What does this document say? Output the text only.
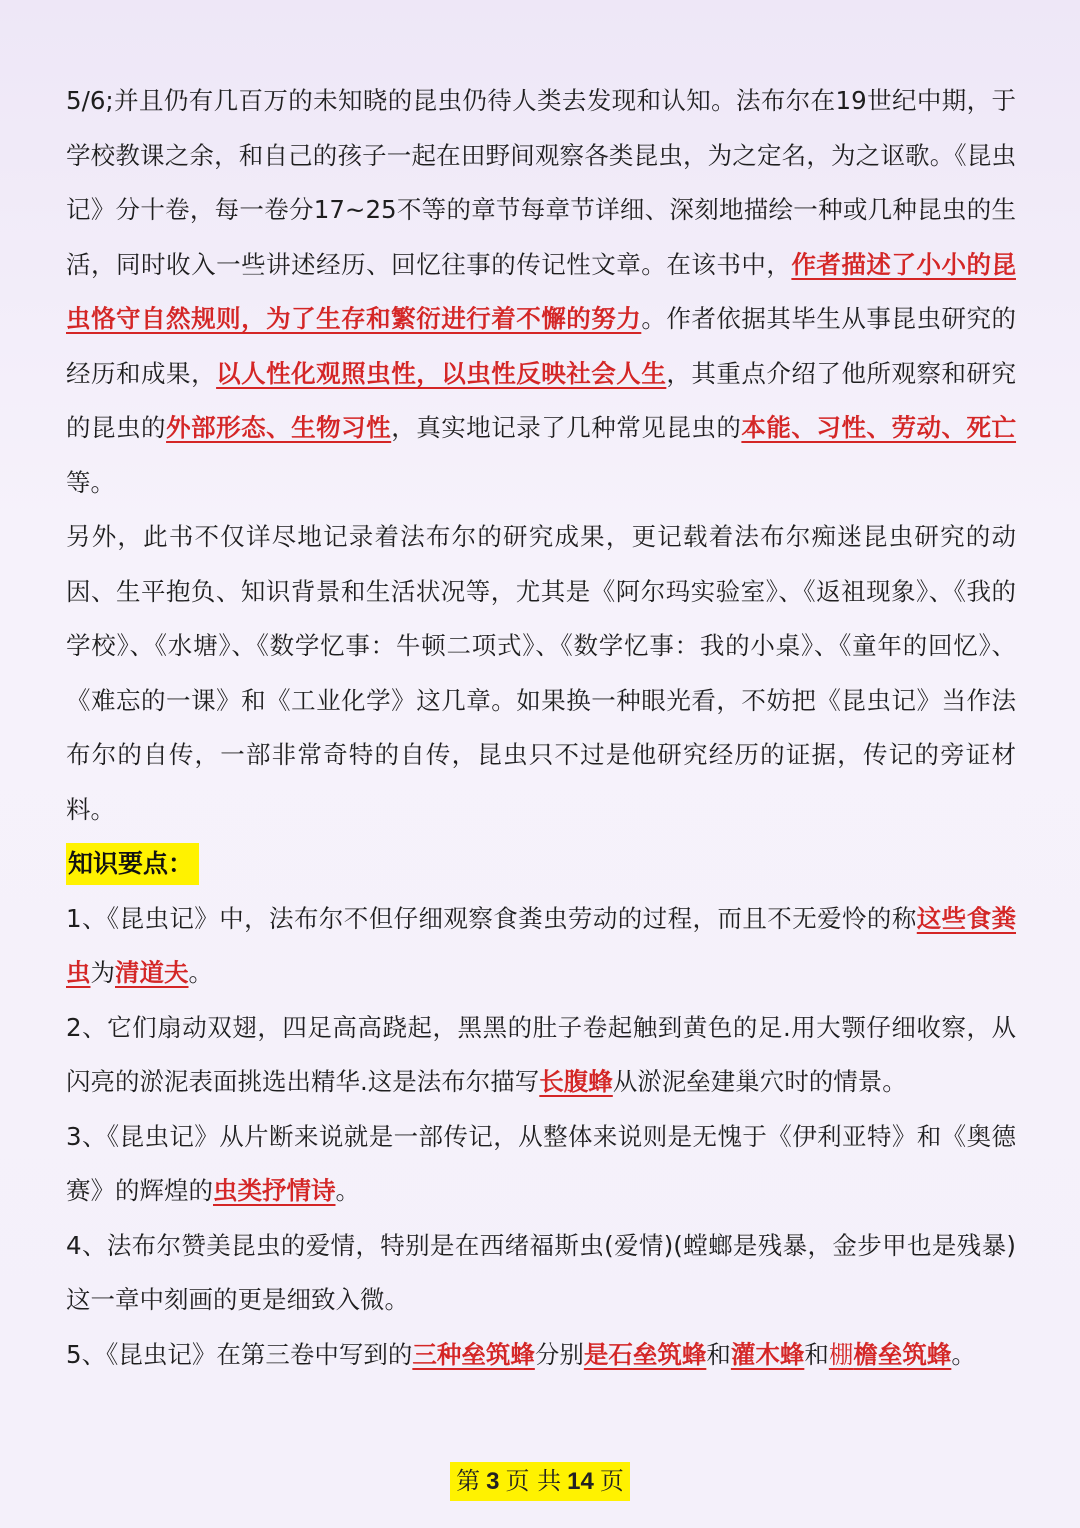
5/6;并且仍有几百万的未知晓的昆虫仍待人类去发现和认知。法布尔在19世纪中期，于学校教课之余，和自己的孩子一起在田野间观察各类昆虫，为之定名，为之讴歌。《昆虫记》分十卷，每一卷分17~25不等的章节每章节详细、深刻地描绘一种或几种昆虫的生活，同时收入一些讲述经历、回忆往事的传记性文章。在该书中，作者描述了小小的昆虫恪守自然规则，为了生存和繁衍进行着不懈的努力。作者依据其毕生从事昆虫研究的经历和成果，以人性化观照虫性，以虫性反映社会人生，其重点介绍了他所观察和研究的昆虫的外部形态、生物习性，真实地记录了几种常见昆虫的本能、习性、劳动、死亡等。

另外，此书不仅详尽地记录着法布尔的研究成果，更记载着法布尔痴迷昆虫研究的动因、生平抱负、知识背景和生活状况等，尤其是《阿尔玛实验室》、《返祖现象》、《我的学校》、《水塘》、《数学忆事：牛顿二项式》、《数学忆事：我的小桌》、《童年的回忆》、《难忘的一课》和《工业化学》这几章。如果换一种眼光看，不妨把《昆虫记》当作法布尔的自传，一部非常奇特的自传，昆虫只不过是他研究经历的证据，传记的旁证材料。

知识要点：

1、《昆虫记》中，法布尔不但仔细观察食粪虫劳动的过程，而且不无爱怜的称这些食粪虫为清道夫。

2、它们扇动双翅，四足高高跷起，黑黑的肚子卷起触到黄色的足.用大颚仔细收察，从闪亮的淤泥表面挑选出精华.这是法布尔描写长腹蜂从淤泥垒建巢穴时的情景。

3、《昆虫记》从片断来说就是一部传记，从整体来说则是无愧于《伊利亚特》和《奥德赛》的辉煌的虫类抒情诗。

4、法布尔赞美昆虫的爱情，特别是在西绪福斯虫(爱情)(螳螂是残暴，金步甲也是残暴)这一章中刻画的更是细致入微。

5、《昆虫记》在第三卷中写到的三种垒筑蜂分别是石垒筑蜂和灌木蜂和棚檐垒筑蜂。

第 3 页 共 14 页
